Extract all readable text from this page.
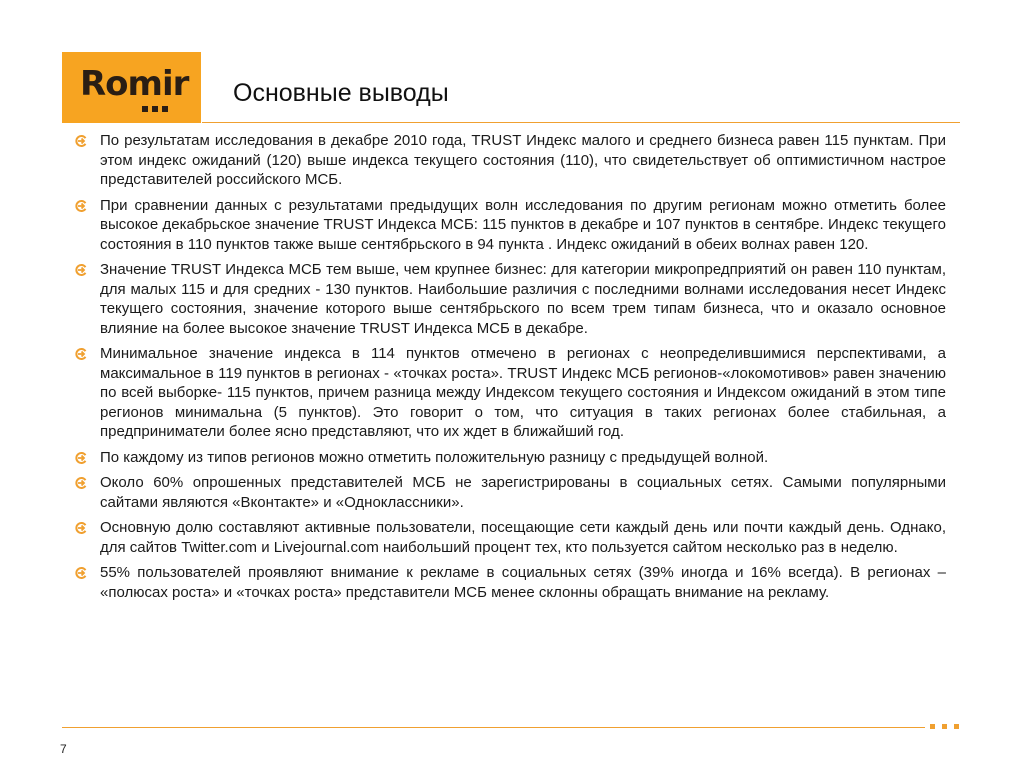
Romir Основные выводы
По результатам исследования в декабре 2010 года, TRUST Индекс малого и среднего бизнеса равен 115 пунктам. При этом индекс ожиданий (120) выше индекса текущего состояния (110), что свидетельствует об оптимистичном настрое представителей российского МСБ.
При сравнении данных с результатами предыдущих волн исследования по другим регионам можно отметить более высокое декабрьское значение TRUST Индекса МСБ: 115 пунктов в декабре и 107 пунктов в сентябре. Индекс текущего состояния в 110 пунктов также выше сентябрьского в 94 пункта . Индекс ожиданий в обеих волнах равен 120.
Значение TRUST Индекса МСБ тем выше, чем крупнее бизнес: для категории микропредприятий он равен 110 пунктам, для малых 115 и для средних - 130 пунктов. Наибольшие различия с последними волнами исследования несет Индекс текущего состояния, значение которого выше сентябрьского по всем трем типам бизнеса, что и оказало основное влияние на более высокое значение TRUST Индекса МСБ в декабре.
Минимальное значение индекса в 114 пунктов отмечено в регионах с неопределившимися перспективами, а максимальное в 119 пунктов в регионах - «точках роста». TRUST Индекс МСБ регионов-«локомотивов» равен значению по всей выборке- 115 пунктов, причем разница между Индексом текущего состояния и Индексом ожиданий в этом типе регионов минимальна (5 пунктов). Это говорит о том, что ситуация в таких регионах более стабильная, а предприниматели более ясно представляют, что их ждет в ближайший год.
По каждому из типов регионов можно отметить положительную разницу с предыдущей волной.
Около 60% опрошенных представителей МСБ не зарегистрированы в социальных сетях. Самыми популярными сайтами являются «Вконтакте» и «Одноклассники».
Основную долю составляют активные пользователи, посещающие сети каждый день или почти каждый день. Однако, для сайтов Twitter.com и Livejournal.com наибольший процент тех, кто пользуется сайтом несколько раз в неделю.
55% пользователей проявляют внимание к рекламе в социальных сетях (39% иногда и 16% всегда). В регионах – «полюсах роста» и «точках роста» представители МСБ менее склонны обращать внимание на рекламу.
7
